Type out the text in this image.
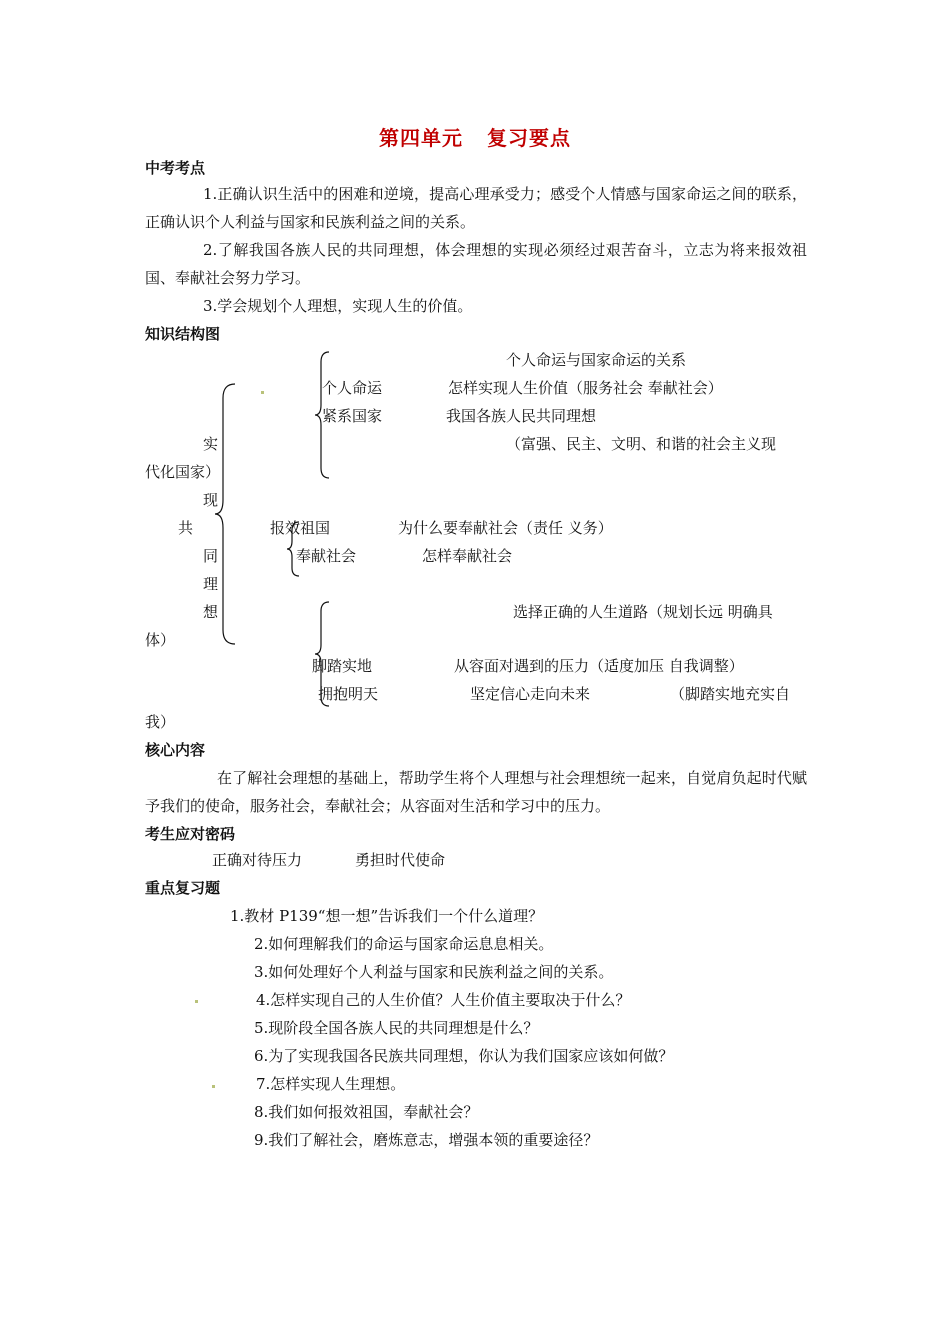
第四单元 复习要点
中考考点
1.正确认识生活中的困难和逆境，提高心理承受力；感受个人情感与国家命运之间的联系，正确认识个人利益与国家和民族利益之间的关系。
2.了解我国各族人民的共同理想，体会理想的实现必须经过艰苦奋斗，立志为将来报效祖国、奉献社会努力学习。
3.学会规划个人理想，实现人生的价值。
知识结构图
实
现
共
同
理
想
个人命运
紧系国家
个人命运与国家命运的关系
怎样实现人生价值（服务社会 奉献社会）
我国各族人民共同理想
（富强、民主、文明、和谐的社会主义现
代化国家）
报效祖国
奉献社会
为什么要奉献社会（责任 义务）
怎样奉献社会
脚踏实地
拥抱明天
选择正确的人生道路（规划长远 明确具
体）
从容面对遇到的压力（适度加压 自我调整）
坚定信心走向未来	（脚踏实地充实自
我）
核心内容
在了解社会理想的基础上，帮助学生将个人理想与社会理想统一起来，自觉肩负起时代赋予我们的使命，服务社会，奉献社会；从容面对生活和学习中的压力。
考生应对密码
正确对待压力	勇担时代使命
重点复习题
1.教材 P139“想一想”告诉我们一个什么道理？
2.如何理解我们的命运与国家命运息息相关。
3.如何处理好个人利益与国家和民族利益之间的关系。
4.怎样实现自己的人生价值？人生价值主要取决于什么？
5.现阶段全国各族人民的共同理想是什么？
6.为了实现我国各民族共同理想，你认为我们国家应该如何做？
7.怎样实现人生理想。
8.我们如何报效祖国，奉献社会？
9.我们了解社会，磨炼意志，增强本领的重要途径？
